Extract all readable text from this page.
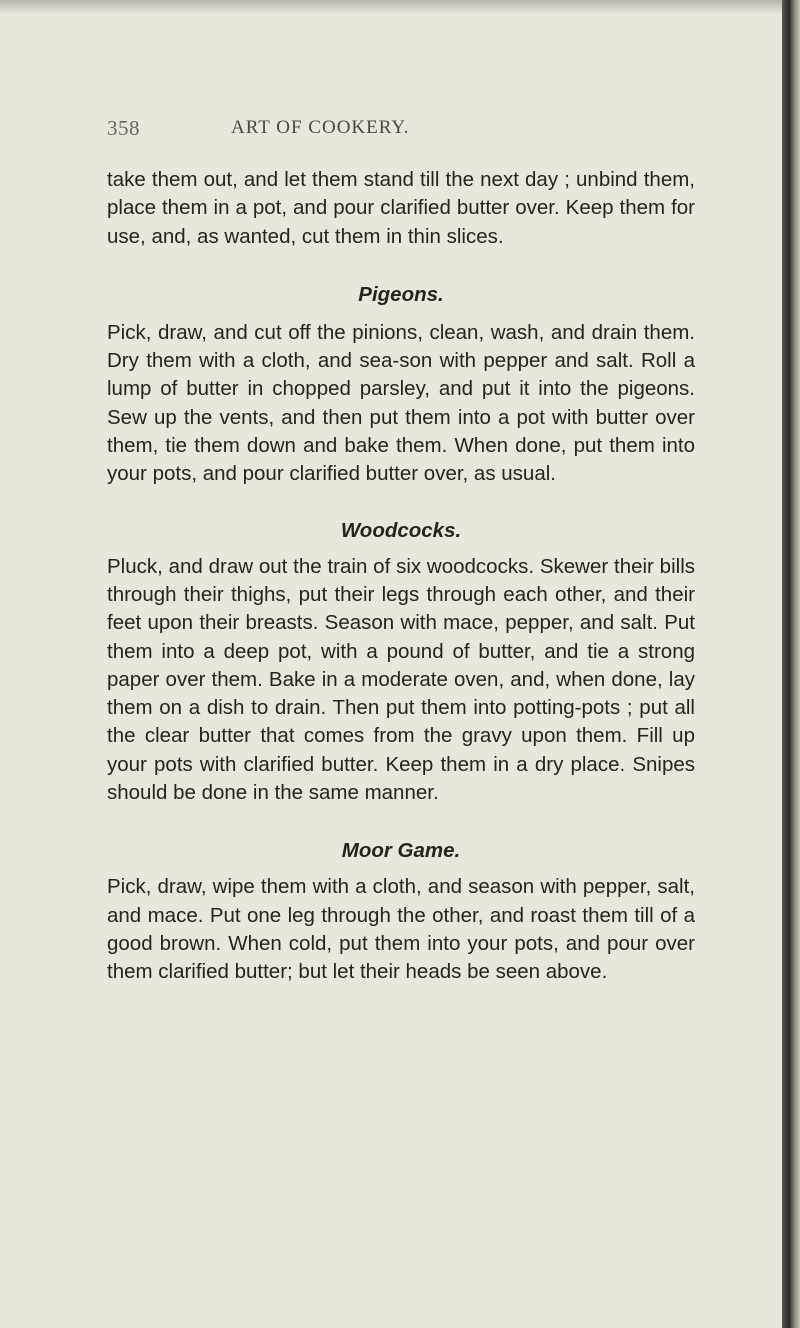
358	ART OF COOKERY.

take them out, and let them stand till the next day ; unbind them, place them in a pot, and pour clarified butter over. Keep them for use, and, as wanted, cut them in thin slices.

Pigeons.

Pick, draw, and cut off the pinions, clean, wash, and drain them. Dry them with a cloth, and sea-son with pepper and salt. Roll a lump of butter in chopped parsley, and put it into the pigeons. Sew up the vents, and then put them into a pot with butter over them, tie them down and bake them. When done, put them into your pots, and pour clarified butter over, as usual.

Woodcocks.

Pluck, and draw out the train of six woodcocks. Skewer their bills through their thighs, put their legs through each other, and their feet upon their breasts. Season with mace, pepper, and salt. Put them into a deep pot, with a pound of butter, and tie a strong paper over them. Bake in a moderate oven, and, when done, lay them on a dish to drain. Then put them into potting-pots ; put all the clear butter that comes from the gravy upon them. Fill up your pots with clarified butter. Keep them in a dry place. Snipes should be done in the same manner.

Moor Game.

Pick, draw, wipe them with a cloth, and season with pepper, salt, and mace. Put one leg through the other, and roast them till of a good brown. When cold, put them into your pots, and pour over them clarified butter; but let their heads be seen above.
